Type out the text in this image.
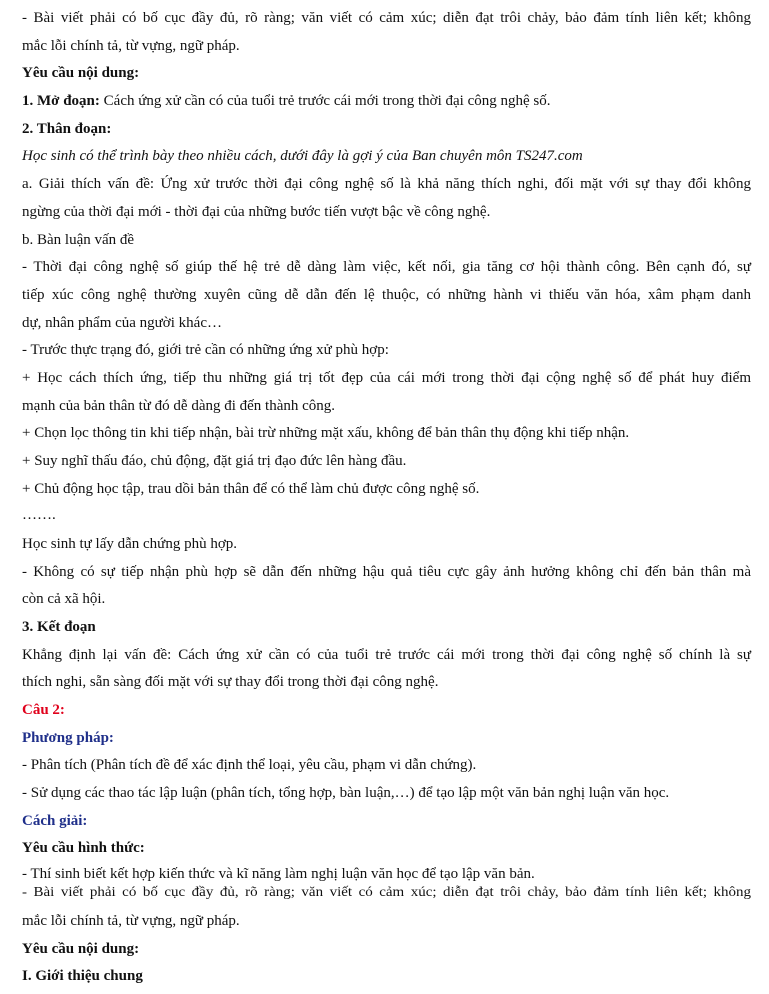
- Bài viết phải có bố cục đầy đủ, rõ ràng; văn viết có cảm xúc; diễn đạt trôi chảy, bảo đảm tính liên kết; không
mắc lỗi chính tả, từ vựng, ngữ pháp.
Yêu cầu nội dung:
1. Mở đoạn: Cách ứng xử cần có của tuổi trẻ trước cái mới trong thời đại công nghệ số.
2. Thân đoạn:
Học sinh có thể trình bày theo nhiều cách, dưới đây là gợi ý của Ban chuyên môn TS247.com
a. Giải thích vấn đề: Ứng xử trước thời đại công nghệ số là khả năng thích nghi, đối mặt với sự thay đổi không
ngừng của thời đại mới - thời đại của những bước tiến vượt bậc về công nghệ.
b. Bàn luận vấn đề
- Thời đại công nghệ số giúp thế hệ trẻ dễ dàng làm việc, kết nối, gia tăng cơ hội thành công. Bên cạnh đó, sự
tiếp xúc công nghệ thường xuyên cũng dễ dẫn đến lệ thuộc, có những hành vi thiếu văn hóa, xâm phạm danh
dự, nhân phẩm của người khác…
- Trước thực trạng đó, giới trẻ cần có những ứng xử phù hợp:
+ Học cách thích ứng, tiếp thu những giá trị tốt đẹp của cái mới trong thời đại cộng nghệ số để phát huy điểm
mạnh của bản thân từ đó dễ dàng đi đến thành công.
+ Chọn lọc thông tin khi tiếp nhận, bài trừ những mặt xấu, không để bản thân thụ động khi tiếp nhận.
+ Suy nghĩ thấu đáo, chủ động, đặt giá trị đạo đức lên hàng đầu.
+ Chủ động học tập, trau dồi bản thân để có thể làm chủ được công nghệ số.
…….
Học sinh tự lấy dẫn chứng phù hợp.
- Không có sự tiếp nhận phù hợp sẽ dẫn đến những hậu quả tiêu cực gây ảnh hưởng không chỉ đến bản thân mà
còn cả xã hội.
3. Kết đoạn
Khẳng định lại vấn đề: Cách ứng xử cần có của tuổi trẻ trước cái mới trong thời đại công nghệ số chính là sự
thích nghi, sẵn sàng đối mặt với sự thay đổi trong thời đại công nghệ.
Câu 2:
Phương pháp:
- Phân tích (Phân tích đề để xác định thể loại, yêu cầu, phạm vi dẫn chứng).
- Sử dụng các thao tác lập luận (phân tích, tổng hợp, bàn luận,…) để tạo lập một văn bản nghị luận văn học.
Cách giải:
Yêu cầu hình thức:
- Thí sinh biết kết hợp kiến thức và kĩ năng làm nghị luận văn học để tạo lập văn bản.
- Bài viết phải có bố cục đầy đủ, rõ ràng; văn viết có cảm xúc; diễn đạt trôi chảy, bảo đảm tính liên kết; không
mắc lỗi chính tả, từ vựng, ngữ pháp.
Yêu cầu nội dung:
I. Giới thiệu chung
